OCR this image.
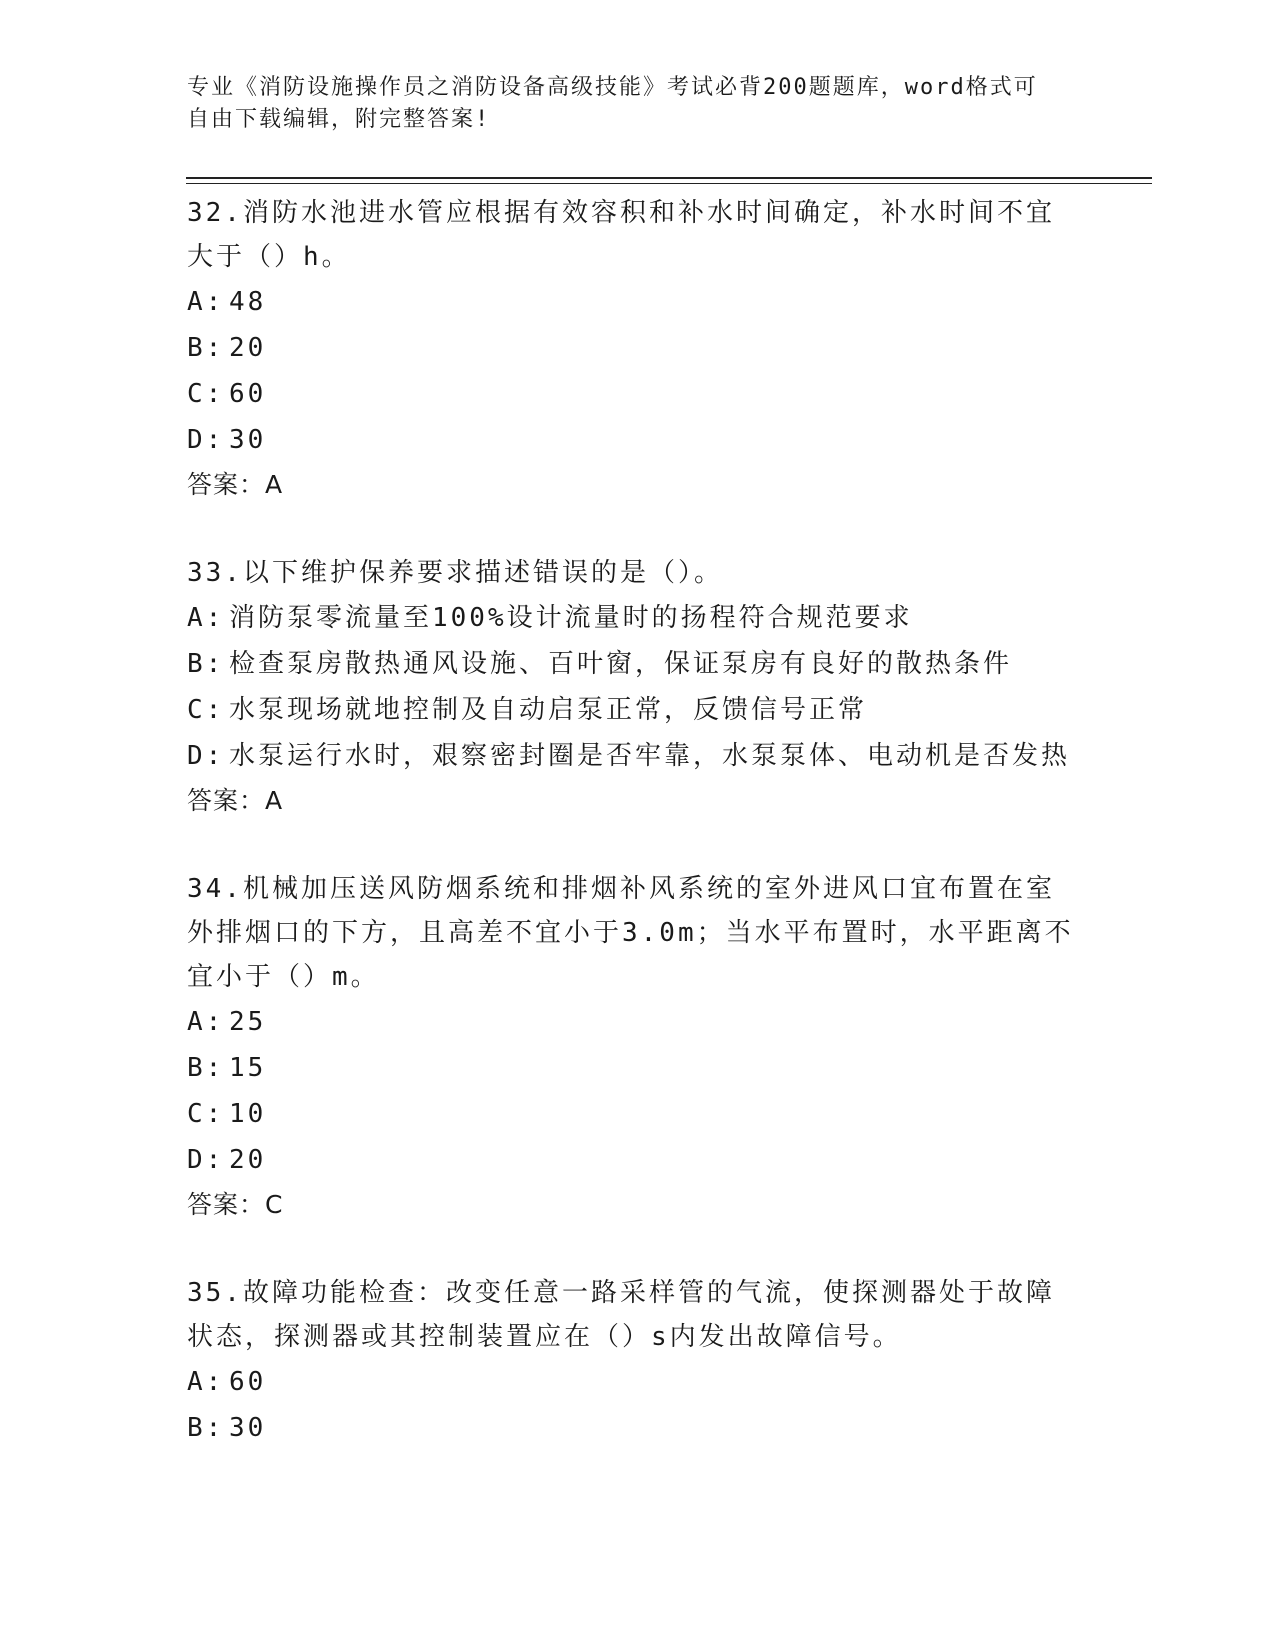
专业《消防设施操作员之消防设备高级技能》考试必背200题题库，word格式可
自由下载编辑，附完整答案!
32.消防水池进水管应根据有效容积和补水时间确定，补水时间不宜大于（）h。
A: 48
B: 20
C: 60
D: 30
答案：A
33.以下维护保养要求描述错误的是（）。
A: 消防泵零流量至100%设计流量时的扬程符合规范要求
B: 检查泵房散热通风设施、百叶窗，保证泵房有良好的散热条件
C: 水泵现场就地控制及自动启泵正常，反馈信号正常
D: 水泵运行水时，艰察密封圈是否牢靠，水泵泵体、电动机是否发热
答案：A
34.机械加压送风防烟系统和排烟补风系统的室外进风口宜布置在室外排烟口的下方，且高差不宜小于3.0m；当水平布置时，水平距离不宜小于（）m。
A: 25
B: 15
C: 10
D: 20
答案：C
35.故障功能检查：改变任意一路采样管的气流，使探测器处于故障状态，探测器或其控制装置应在（）s内发出故障信号。
A: 60
B: 30
